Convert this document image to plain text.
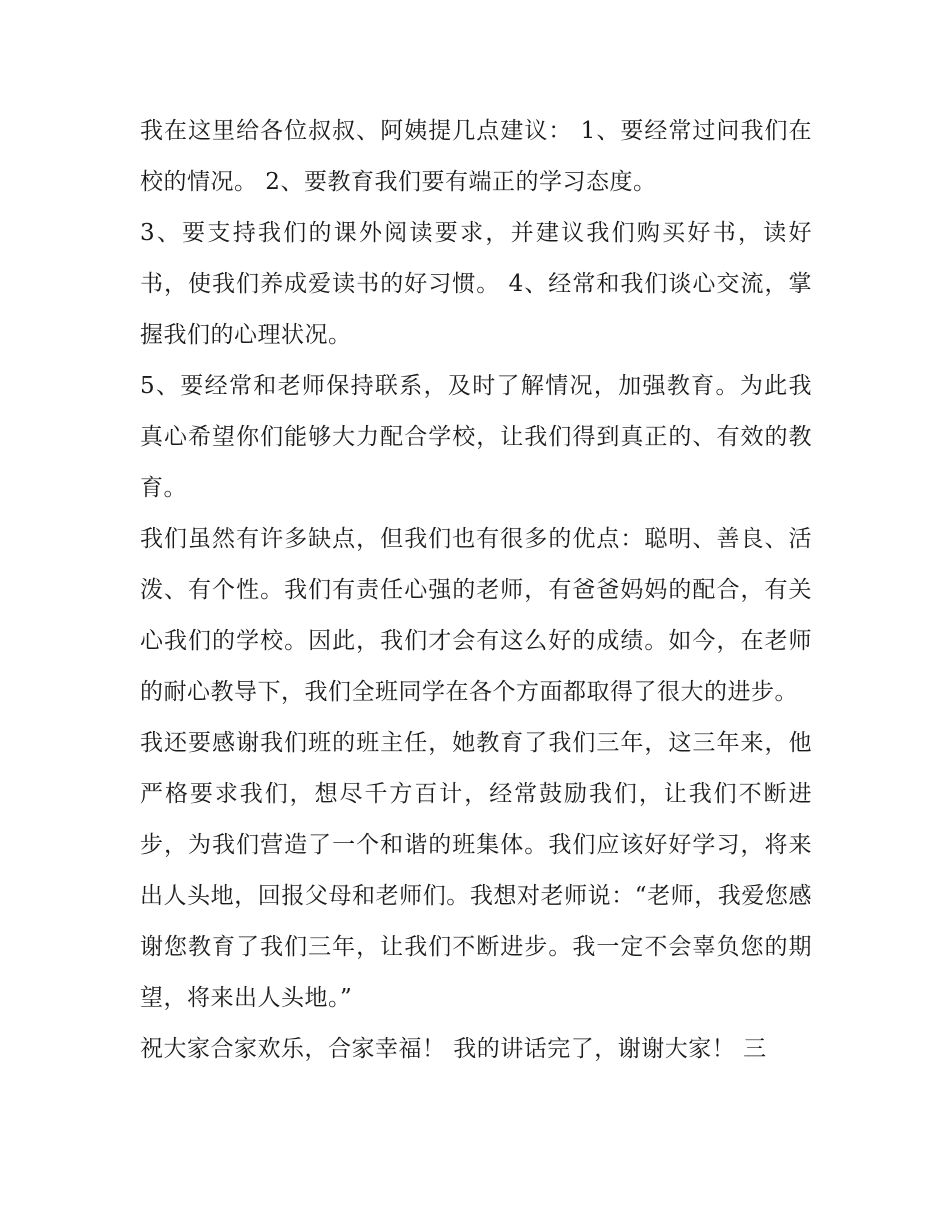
我在这里给各位叔叔、阿姨提几点建议： 1、要经常过问我们在校的情况。 2、要教育我们要有端正的学习态度。

3、要支持我们的课外阅读要求，并建议我们购买好书，读好书，使我们养成爱读书的好习惯。 4、经常和我们谈心交流，掌握我们的心理状况。

5、要经常和老师保持联系，及时了解情况，加强教育。为此我真心希望你们能够大力配合学校，让我们得到真正的、有效的教育。

我们虽然有许多缺点，但我们也有很多的优点：聪明、善良、活泼、有个性。我们有责任心强的老师，有爸爸妈妈的配合，有关心我们的学校。因此，我们才会有这么好的成绩。如今，在老师的耐心教导下，我们全班同学在各个方面都取得了很大的进步。

我还要感谢我们班的班主任，她教育了我们三年，这三年来，他严格要求我们，想尽千方百计，经常鼓励我们，让我们不断进步，为我们营造了一个和谐的班集体。我们应该好好学习，将来出人头地，回报父母和老师们。我想对老师说：“老师，我爱您感谢您教育了我们三年，让我们不断进步。我一定不会辜负您的期望，将来出人头地。”

祝大家合家欢乐，合家幸福！ 我的讲话完了，谢谢大家！ 三
